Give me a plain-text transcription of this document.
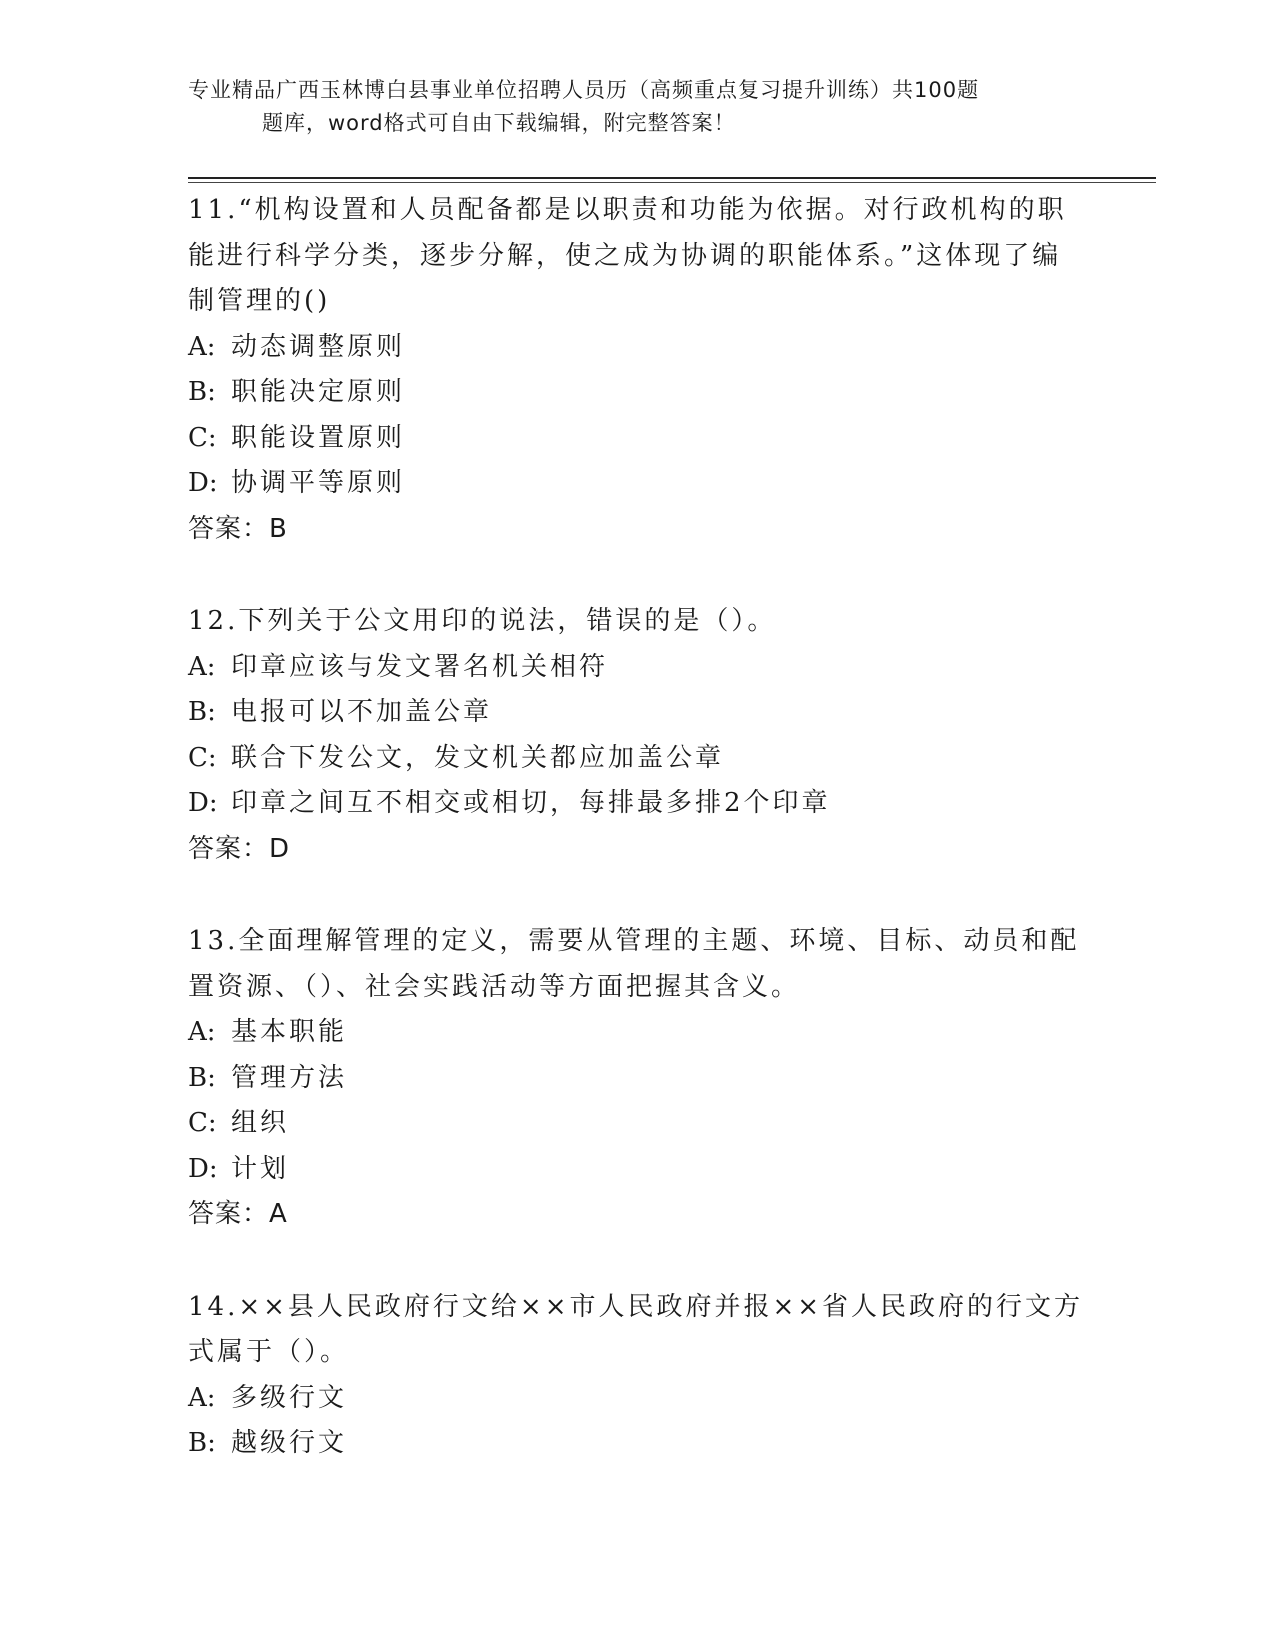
专业精品广西玉林博白县事业单位招聘人员历（高频重点复习提升训练）共100题
题库，word格式可自由下载编辑，附完整答案！
11.“机构设置和人员配备都是以职责和功能为依据。对行政机构的职能进行科学分类，逐步分解，使之成为协调的职能体系。”这体现了编制管理的()
A: 动态调整原则
B: 职能决定原则
C: 职能设置原则
D: 协调平等原则
答案：B
12.下列关于公文用印的说法，错误的是（）。
A: 印章应该与发文署名机关相符
B: 电报可以不加盖公章
C: 联合下发公文，发文机关都应加盖公章
D: 印章之间互不相交或相切，每排最多排2个印章
答案：D
13.全面理解管理的定义，需要从管理的主题、环境、目标、动员和配置资源、（）、社会实践活动等方面把握其含义。
A: 基本职能
B: 管理方法
C: 组织
D: 计划
答案：A
14.××县人民政府行文给××市人民政府并报××省人民政府的行文方式属于（）。
A: 多级行文
B: 越级行文
